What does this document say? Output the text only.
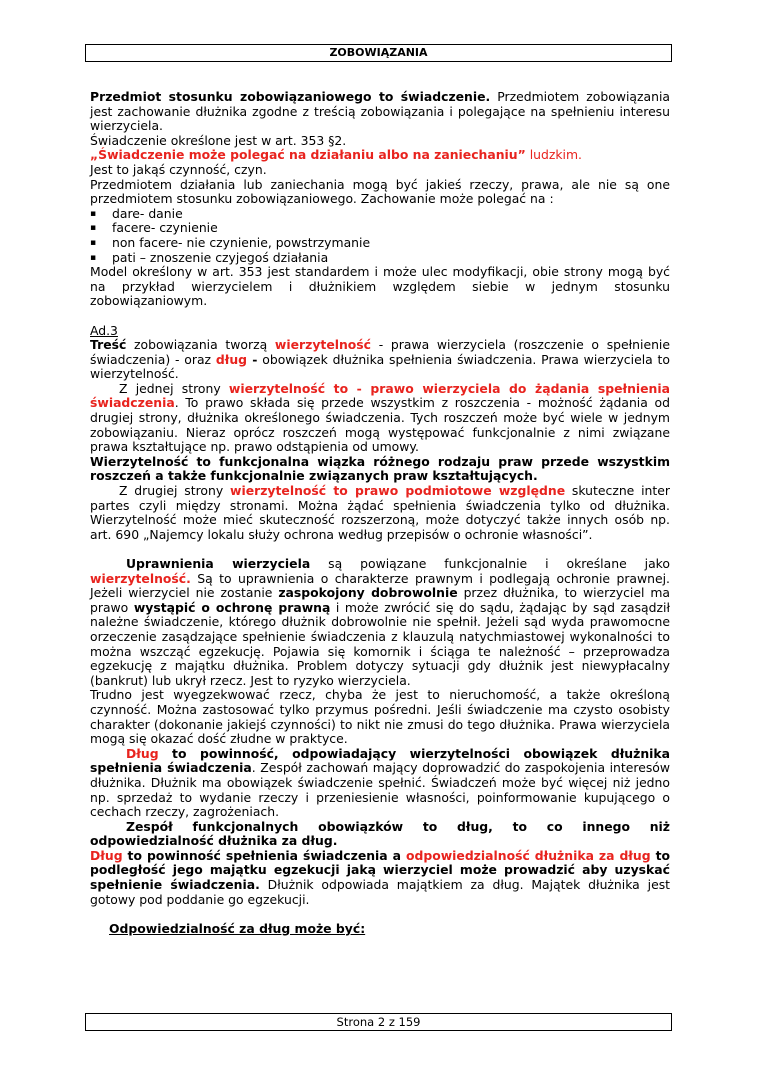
ZOBOWIĄZANIA

Przedmiot stosunku zobowiązaniowego to świadczenie. Przedmiotem zobowiązania jest zachowanie dłużnika zgodne z treścią zobowiązania i polegające na spełnieniu interesu wierzyciela.

Świadczenie określone jest w art. 353 §2.

„Świadczenie może polegać na działaniu albo na zaniechaniu” ludzkim.

Jest to jakąś czynność, czyn.

Przedmiotem działania lub zaniechania mogą być jakieś rzeczy, prawa, ale nie są one przedmiotem stosunku zobowiązaniowego. Zachowanie może polegać na :

▪ dare- danie
▪ facere- czynienie
▪ non facere- nie czynienie, powstrzymanie
▪ pati – znoszenie czyjegoś działania

Model określony w art. 353 jest standardem i może ulec modyfikacji, obie strony mogą być na przykład wierzycielem i dłużnikiem względem siebie w jednym stosunku zobowiązaniowym.

Ad.3

Treść zobowiązania tworzą wierzytelność - prawa wierzyciela (roszczenie o spełnienie świadczenia) - oraz dług - obowiązek dłużnika spełnienia świadczenia. Prawa wierzyciela to wierzytelność.

Z jednej strony wierzytelność to - prawo wierzyciela do żądania spełnienia świadczenia. To prawo składa się przede wszystkim z roszczenia - możność żądania od drugiej strony, dłużnika określonego świadczenia. Tych roszczeń może być wiele w jednym zobowiązaniu. Nieraz oprócz roszczeń mogą występować funkcjonalnie z nimi związane prawa kształtujące np. prawo odstąpienia od umowy.

Wierzytelność to funkcjonalna wiązka różnego rodzaju praw przede wszystkim roszczeń a także funkcjonalnie związanych praw kształtujących.

Z drugiej strony wierzytelność to prawo podmiotowe względne skuteczne inter partes czyli między stronami. Można żądać spełnienia świadczenia tylko od dłużnika. Wierzytelność może mieć skuteczność rozszerzoną, może dotyczyć także innych osób np. art. 690 „Najemcy lokalu służy ochrona według przepisów o ochronie własności”.

Uprawnienia wierzyciela są powiązane funkcjonalnie i określane jako wierzytelność. Są to uprawnienia o charakterze prawnym i podlegają ochronie prawnej. Jeżeli wierzyciel nie zostanie zaspokojony dobrowolnie przez dłużnika, to wierzyciel ma prawo wystąpić o ochronę prawną i może zwrócić się do sądu, żądając by sąd zasądził należne świadczenie, którego dłużnik dobrowolnie nie spełnił. Jeżeli sąd wyda prawomocne orzeczenie zasądzające spełnienie świadczenia z klauzulą natychmiastowej wykonalności to można wszcząć egzekucję. Pojawia się komornik i ściąga te należność – przeprowadza egzekucję z majątku dłużnika. Problem dotyczy sytuacji gdy dłużnik jest niewypłacalny (bankrut) lub ukrył rzecz. Jest to ryzyko wierzyciela.

Trudno jest wyegzekwować rzecz, chyba że jest to nieruchomość, a także określoną czynność. Można zastosować tylko przymus pośredni. Jeśli świadczenie ma czysto osobisty charakter (dokonanie jakiejś czynności) to nikt nie zmusi do tego dłużnika. Prawa wierzyciela mogą się okazać dość złudne w praktyce.

Dług to powinność, odpowiadający wierzytelności obowiązek dłużnika spełnienia świadczenia. Zespół zachowań mający doprowadzić do zaspokojenia interesów dłużnika. Dłużnik ma obowiązek świadczenie spełnić. Świadczeń może być więcej niż jedno np. sprzedaż to wydanie rzeczy i przeniesienie własności, poinformowanie kupującego o cechach rzeczy, zagrożeniach.

Zespół funkcjonalnych obowiązków to dług, to co innego niż odpowiedzialność dłużnika za dług.

Dług to powinność spełnienia świadczenia a odpowiedzialność dłużnika za dług to podległość jego majątku egzekucji jaką wierzyciel może prowadzić aby uzyskać spełnienie świadczenia. Dłużnik odpowiada majątkiem za dług. Majątek dłużnika jest gotowy pod poddanie go egzekucji.

Odpowiedzialność za dług może być:

Strona 2 z 159
